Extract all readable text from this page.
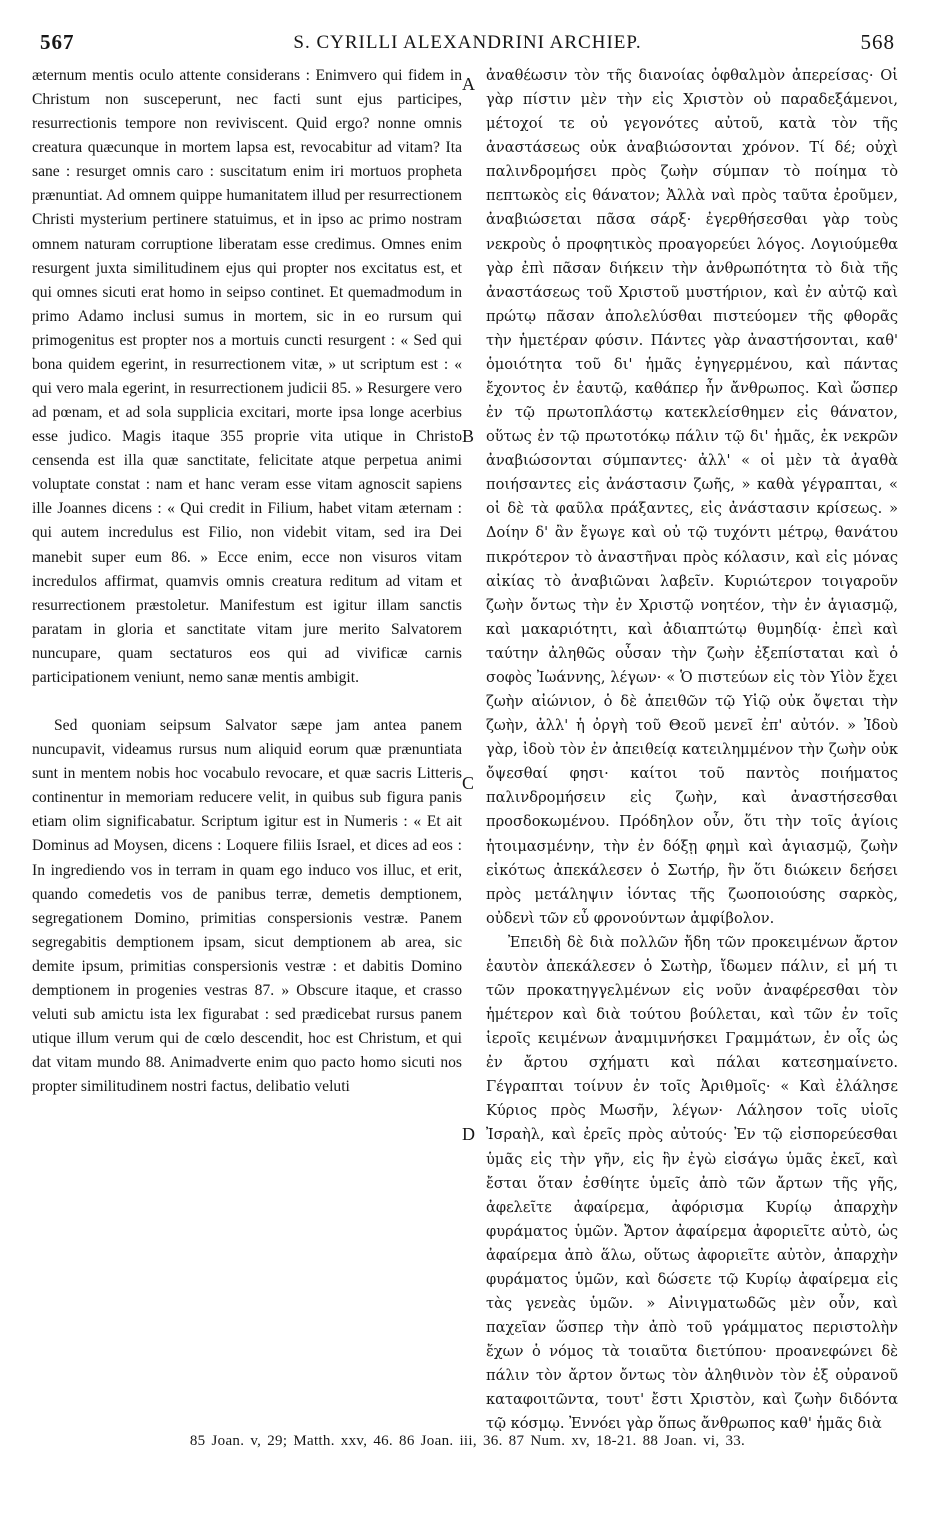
567	S. CYRILLI ALEXANDRINI ARCHIEP.	568

æternum mentis oculo attente considerans : Enimvero qui fidem in Christum non susceperunt, nec facti sunt ejus participes, resurrectionis tempore non reviviscent. Quid ergo? nonne omnis creatura quæcunque in mortem lapsa est, revocabitur ad vitam? Ita sane : resurget omnis caro : suscitatum enim iri mortuos propheta prænuntiat. Ad omnem quippe humanitatem illud per resurrectionem Christi mysterium pertinere statuimus, et in ipso ac primo nostram omnem naturam corruptione liberatam esse credimus. Omnes enim resurgent juxta similitudinem ejus qui propter nos excitatus est, et qui omnes sicuti erat homo in seipso continet. Et quemadmodum in primo Adamo inclusi sumus in mortem, sic in eo rursum qui primogenitus est propter nos a mortuis cuncti resurgent : « Sed qui bona quidem egerint, in resurrectionem vitæ, » ut scriptum est : « qui vero mala egerint, in resurrectionem judicii 85. » Resurgere vero ad pœnam, et ad sola supplicia excitari, morte ipsa longe acerbius esse judico. Magis itaque 355 proprie vita utique in Christo censenda est illa quæ sanctitate, felicitate atque perpetua animi voluptate constat : nam et hanc veram esse vitam agnoscit sapiens ille Joannes dicens : « Qui credit in Filium, habet vitam æternam : qui autem incredulus est Filio, non videbit vitam, sed ira Dei manebit super eum 86. » Ecce enim, ecce non visuros vitam incredulos affirmat, quamvis omnis creatura reditum ad vitam et resurrectionem præstoletur. Manifestum est igitur illam sanctis paratam in gloria et sanctitate vitam jure merito Salvatorem nuncupare, quam sectaturos eos qui ad vivificæ carnis participationem veniunt, nemo sanæ mentis ambigit.

Sed quoniam seipsum Salvator sæpe jam antea panem nuncupavit, videamus rursus num aliquid eorum quæ prænuntiata sunt in mentem nobis hoc vocabulo revocare, et quæ sacris Litteris continentur in memoriam reducere velit, in quibus sub figura panis etiam olim significabatur. Scriptum igitur est in Numeris : « Et ait Dominus ad Moysen, dicens : Loquere filiis Israel, et dices ad eos : In ingrediendo vos in terram in quam ego induco vos illuc, et erit, quando comedetis vos de panibus terræ, demetis demptionem, segregationem Domino, primitias conspersionis vestræ. Panem segregabitis demptionem ipsam, sicut demptionem ab area, sic demite ipsum, primitias conspersionis vestræ : et dabitis Domino demptionem in progenies vestras 87. » Obscure itaque, et crasso veluti sub amictu ista lex figurabat : sed prædicebat rursus panem utique illum verum qui de cœlo descendit, hoc est Christum, et qui dat vitam mundo 88. Animadverte enim quo pacto homo sicuti nos propter similitudinem nostri factus, delibatio veluti

A
B
C
D

ἀναθέωσιν τὸν τῆς διανοίας ὀφθαλμὸν ἀπερείσας· Οἱ γὰρ πίστιν μὲν τὴν εἰς Χριστὸν οὐ παραδεξάμενοι, μέτοχοί τε οὐ γεγονότες αὐτοῦ, κατὰ τὸν τῆς ἀναστάσεως οὐκ ἀναβιώσονται χρόνον. Τί δέ; οὐχὶ παλινδρομήσει πρὸς ζωὴν σύμπαν τὸ ποίημα τὸ πεπτωκὸς εἰς θάνατον; Ἀλλὰ ναὶ πρὸς ταῦτα ἐροῦμεν, ἀναβιώσεται πᾶσα σάρξ· ἐγερθήσεσθαι γὰρ τοὺς νεκροὺς ὁ προφητικὸς προαγορεύει λόγος. Λογιούμεθα γὰρ ἐπὶ πᾶσαν διήκειν τὴν ἀνθρωπότητα τὸ διὰ τῆς ἀναστάσεως τοῦ Χριστοῦ μυστήριον, καὶ ἐν αὐτῷ καὶ πρώτῳ πᾶσαν ἀπολελύσθαι πιστεύομεν τῆς φθορᾶς τὴν ἡμετέραν φύσιν. Πάντες γὰρ ἀναστήσονται, καθ' ὁμοιότητα τοῦ δι' ἡμᾶς ἐγηγερμένου, καὶ πάντας ἔχοντος ἐν ἑαυτῷ, καθάπερ ἦν ἄνθρωπος. Καὶ ὥσπερ ἐν τῷ πρωτοπλάστῳ κατεκλείσθημεν εἰς θάνατον, οὕτως ἐν τῷ πρωτοτόκῳ πάλιν τῷ δι' ἡμᾶς, ἐκ νεκρῶν ἀναβιώσονται σύμπαντες· ἀλλ' « οἱ μὲν τὰ ἀγαθὰ ποιήσαντες εἰς ἀνάστασιν ζωῆς, » καθὰ γέγραπται, « οἱ δὲ τὰ φαῦλα πράξαντες, εἰς ἀνάστασιν κρίσεως. » Δοίην δ' ἂν ἔγωγε καὶ οὐ τῷ τυχόντι μέτρῳ, θανάτου πικρότερον τὸ ἀναστῆναι πρὸς κόλασιν, καὶ εἰς μόνας αἰκίας τὸ ἀναβιῶναι λαβεῖν. Κυριώτερον τοιγαροῦν ζωὴν ὄντως τὴν ἐν Χριστῷ νοητέον, τὴν ἐν ἁγιασμῷ, καὶ μακαριότητι, καὶ ἀδιαπτώτῳ θυμηδίᾳ· ἐπεὶ καὶ ταύτην ἀληθῶς οὖσαν τὴν ζωὴν ἐξεπίσταται καὶ ὁ σοφὸς Ἰωάννης, λέγων· « Ὁ πιστεύων εἰς τὸν Υἱὸν ἔχει ζωὴν αἰώνιον, ὁ δὲ ἀπειθῶν τῷ Υἱῷ οὐκ ὄψεται τὴν ζωὴν, ἀλλ' ἡ ὀργὴ τοῦ Θεοῦ μενεῖ ἐπ' αὐτόν. » Ἰδοὺ γὰρ, ἰδοὺ τὸν ἐν ἀπειθείᾳ κατειλημμένον τὴν ζωὴν οὐκ ὄψεσθαί φησι· καίτοι τοῦ παντὸς ποιήματος παλινδρομήσειν εἰς ζωὴν, καὶ ἀναστήσεσθαι προσδοκωμένου. Πρόδηλον οὖν, ὅτι τὴν τοῖς ἁγίοις ἡτοιμασμένην, τὴν ἐν δόξῃ φημὶ καὶ ἁγιασμῷ, ζωὴν εἰκότως ἀπεκάλεσεν ὁ Σωτήρ, ἣν ὅτι διώκειν δεήσει πρὸς μετάληψιν ἰόντας τῆς ζωοποιούσης σαρκὸς, οὐδενὶ τῶν εὖ φρονούντων ἀμφίβολον.

Ἐπειδὴ δὲ διὰ πολλῶν ἤδη τῶν προκειμένων ἄρτον ἑαυτὸν ἀπεκάλεσεν ὁ Σωτὴρ, ἴδωμεν πάλιν, εἰ μή τι τῶν προκατηγγελμένων εἰς νοῦν ἀναφέρεσθαι τὸν ἡμέτερον καὶ διὰ τούτου βούλεται, καὶ τῶν ἐν τοῖς ἱεροῖς κειμένων ἀναμιμνήσκει Γραμμάτων, ἐν οἷς ὡς ἐν ἄρτου σχήματι καὶ πάλαι κατεσημαίνετο. Γέγραπται τοίνυν ἐν τοῖς Ἀριθμοῖς· « Καὶ ἐλάλησε Κύριος πρὸς Μωσῆν, λέγων· Λάλησον τοῖς υἱοῖς Ἰσραὴλ, καὶ ἐρεῖς πρὸς αὐτούς· Ἐν τῷ εἰσπορεύεσθαι ὑμᾶς εἰς τὴν γῆν, εἰς ἣν ἐγὼ εἰσάγω ὑμᾶς ἐκεῖ, καὶ ἔσται ὅταν ἐσθίητε ὑμεῖς ἀπὸ τῶν ἄρτων τῆς γῆς, ἀφελεῖτε ἀφαίρεμα, ἀφόρισμα Κυρίῳ ἀπαρχὴν φυράματος ὑμῶν. Ἄρτον ἀφαίρεμα ἀφοριεῖτε αὐτὸ, ὡς ἀφαίρεμα ἀπὸ ἅλω, οὕτως ἀφοριεῖτε αὐτὸν, ἀπαρχὴν φυράματος ὑμῶν, καὶ δώσετε τῷ Κυρίῳ ἀφαίρεμα εἰς τὰς γενεὰς ὑμῶν. » Αἰνιγματωδῶς μὲν οὖν, καὶ παχεῖαν ὥσπερ τὴν ἀπὸ τοῦ γράμματος περιστολὴν ἔχων ὁ νόμος τὰ τοιαῦτα διετύπου· προανεφώνει δὲ πάλιν τὸν ἄρτον ὄντως τὸν ἀληθινὸν τὸν ἐξ οὐρανοῦ καταφοιτῶντα, τουτ' ἔστι Χριστὸν, καὶ ζωὴν διδόντα τῷ κόσμῳ. Ἐννόει γὰρ ὅπως ἄνθρωπος καθ' ἡμᾶς διὰ

85 Joan. v, 29; Matth. xxv, 46. 86 Joan. iii, 36. 87 Num. xv, 18-21. 88 Joan. vi, 33.
